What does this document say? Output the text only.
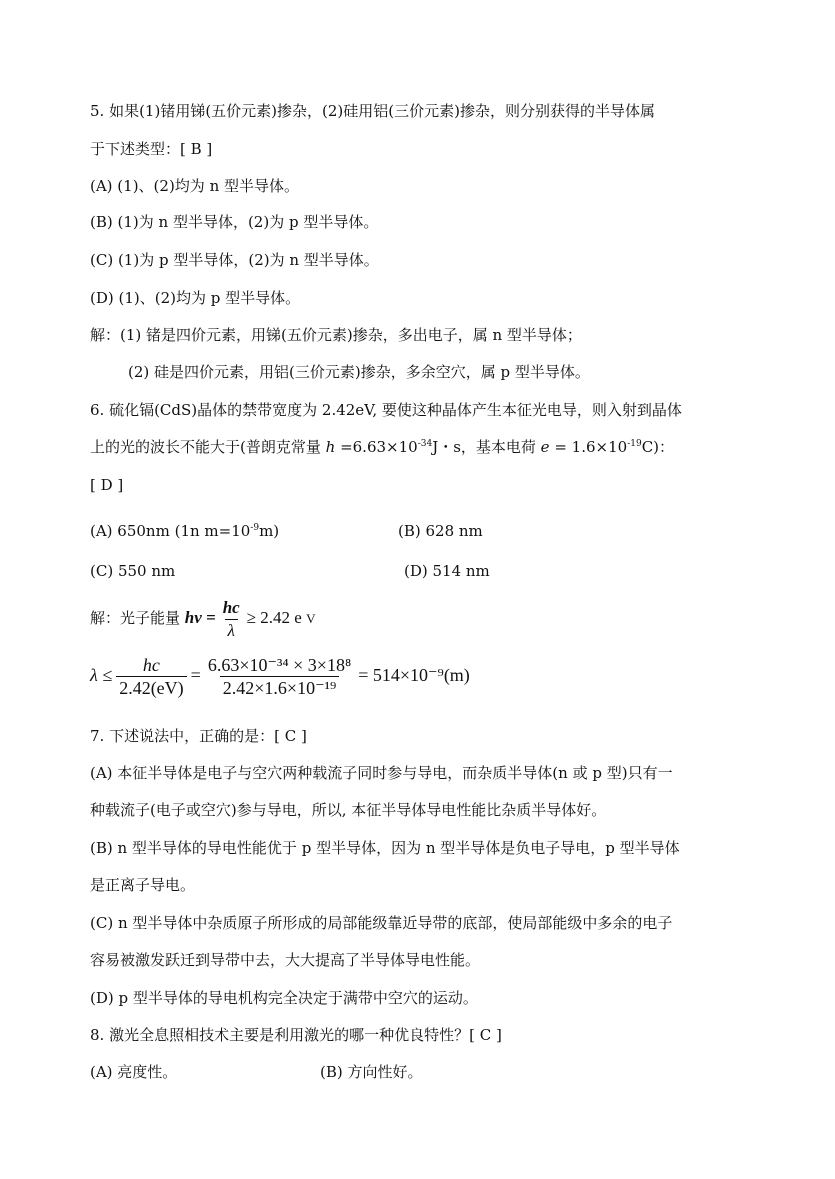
5. 如果(1)锗用锑(五价元素)掺杂，(2)硅用铝(三价元素)掺杂，则分别获得的半导体属
于下述类型：[ B ]
(A) (1)、(2)均为 n 型半导体。
(B) (1)为 n 型半导体，(2)为 p 型半导体。
(C) (1)为 p 型半导体，(2)为 n 型半导体。
(D) (1)、(2)均为 p 型半导体。
解：(1) 锗是四价元素，用锑(五价元素)掺杂，多出电子，属 n 型半导体；
(2) 硅是四价元素，用铝(三价元素)掺杂，多余空穴，属 p 型半导体。
6. 硫化镉(CdS)晶体的禁带宽度为 2.42eV, 要使这种晶体产生本征光电导，则入射到晶体
上的光的波长不能大于(普朗克常量 $h =6.63\times 10^{-34}J$・s，基本电荷 $e = 1.6\times 10^{-19}C$)：
[ D ]
(A) 650nm (1n $m=10^{-9}m$)	(B) 628 nm
(C) 550 nm	(D) 514 nm
解：光子能量 $h\nu = \frac{hc}{\lambda} \ge 2.42$ e V
$\lambda \le \frac{hc}{2.42(eV)} = \frac{\text{6.63×10⁻³⁴ × 3×18⁸}}{\text{2.42×1.6×10⁻¹⁹}} = 514\times 10^{-9}(m)$
7. 下述说法中，正确的是：[ C ]
(A) 本征半导体是电子与空穴两种载流子同时参与导电，而杂质半导体(n 或 p 型)只有一
种载流子(电子或空穴)参与导电，所以, 本征半导体导电性能比杂质半导体好。
(B) n 型半导体的导电性能优于 p 型半导体，因为 n 型半导体是负电子导电，p 型半导体
是正离子导电。
(C) n 型半导体中杂质原子所形成的局部能级靠近导带的底部，使局部能级中多余的电子
容易被激发跃迁到导带中去，大大提高了半导体导电性能。
(D) p 型半导体的导电机构完全决定于满带中空穴的运动。
8. 激光全息照相技术主要是利用激光的哪一种优良特性？[ C ]
(A) 亮度性。	(B) 方向性好。
